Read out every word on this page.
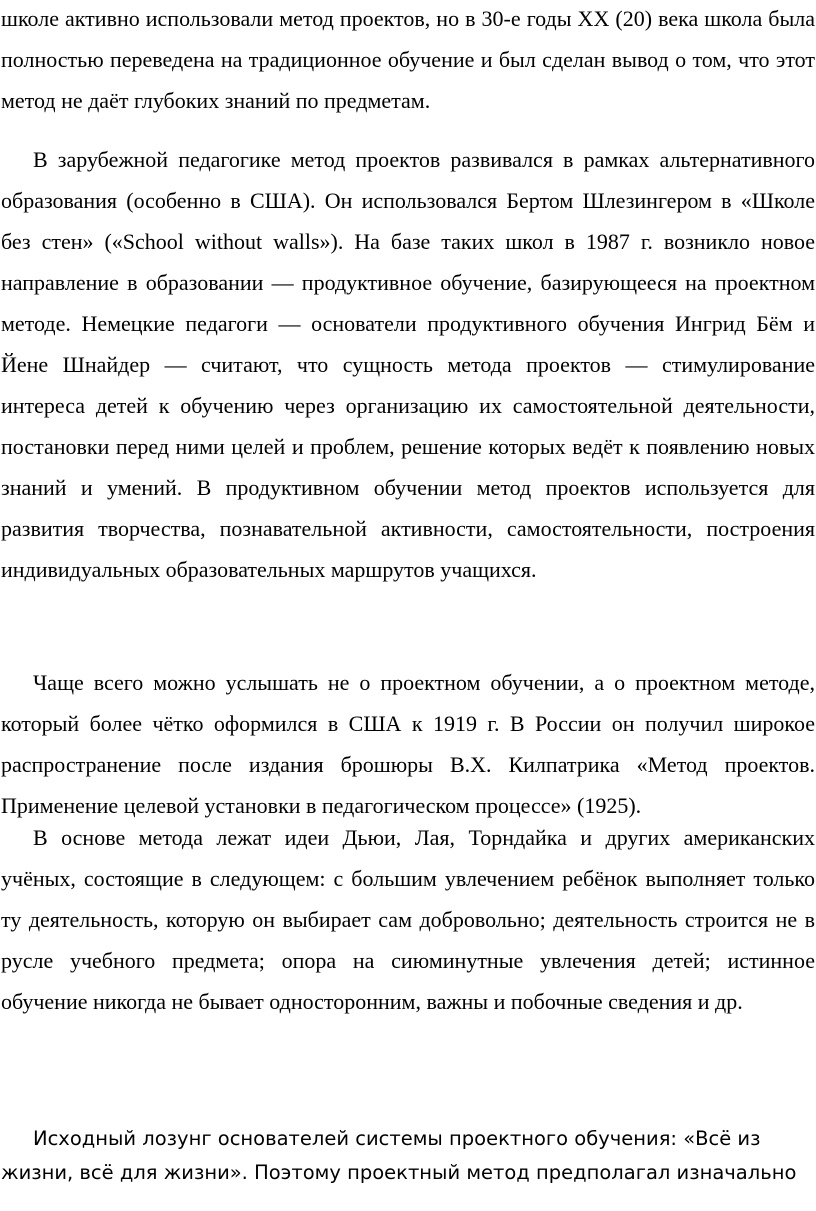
школе активно использовали метод проектов, но в 30-е годы XX (20) века школа была полностью переведена на традиционное обучение и был сделан вывод о том, что этот метод не даёт глубоких знаний по предметам.

В зарубежной педагогике метод проектов развивался в рамках альтернативного образования (особенно в США). Он использовался Бертом Шлезингером в «Школе без стен» («School without walls»). На базе таких школ в 1987 г. возникло новое направление в образовании — продуктивное обучение, базирующееся на проектном методе. Немецкие педагоги — основатели продуктивного обучения Ингрид Бём и Йене Шнайдер — считают, что сущность метода проектов — стимулирование интереса детей к обучению через организацию их самостоятельной деятельности, постановки перед ними целей и проблем, решение которых ведёт к появлению новых знаний и умений. В продуктивном обучении метод проектов используется для развития творчества, познавательной активности, самостоятельности, построения индивидуальных образовательных маршрутов учащихся.

Чаще всего можно услышать не о проектном обучении, а о проектном методе, который более чётко оформился в США к 1919 г. В России он получил широкое распространение после издания брошюры В.Х. Килпатрика «Метод проектов. Применение целевой установки в педагогическом процессе» (1925).

В основе метода лежат идеи Дьюи, Лая, Торндайка и других американских учёных, состоящие в следующем: с большим увлечением ребёнок выполняет только ту деятельность, которую он выбирает сам добровольно; деятельность строится не в русле учебного предмета; опора на сиюминутные увлечения детей; истинное обучение никогда не бывает односторонним, важны и побочные сведения и др.

Исходный лозунг основателей системы проектного обучения: «Всё из жизни, всё для жизни». Поэтому проектный метод предполагал изначально
